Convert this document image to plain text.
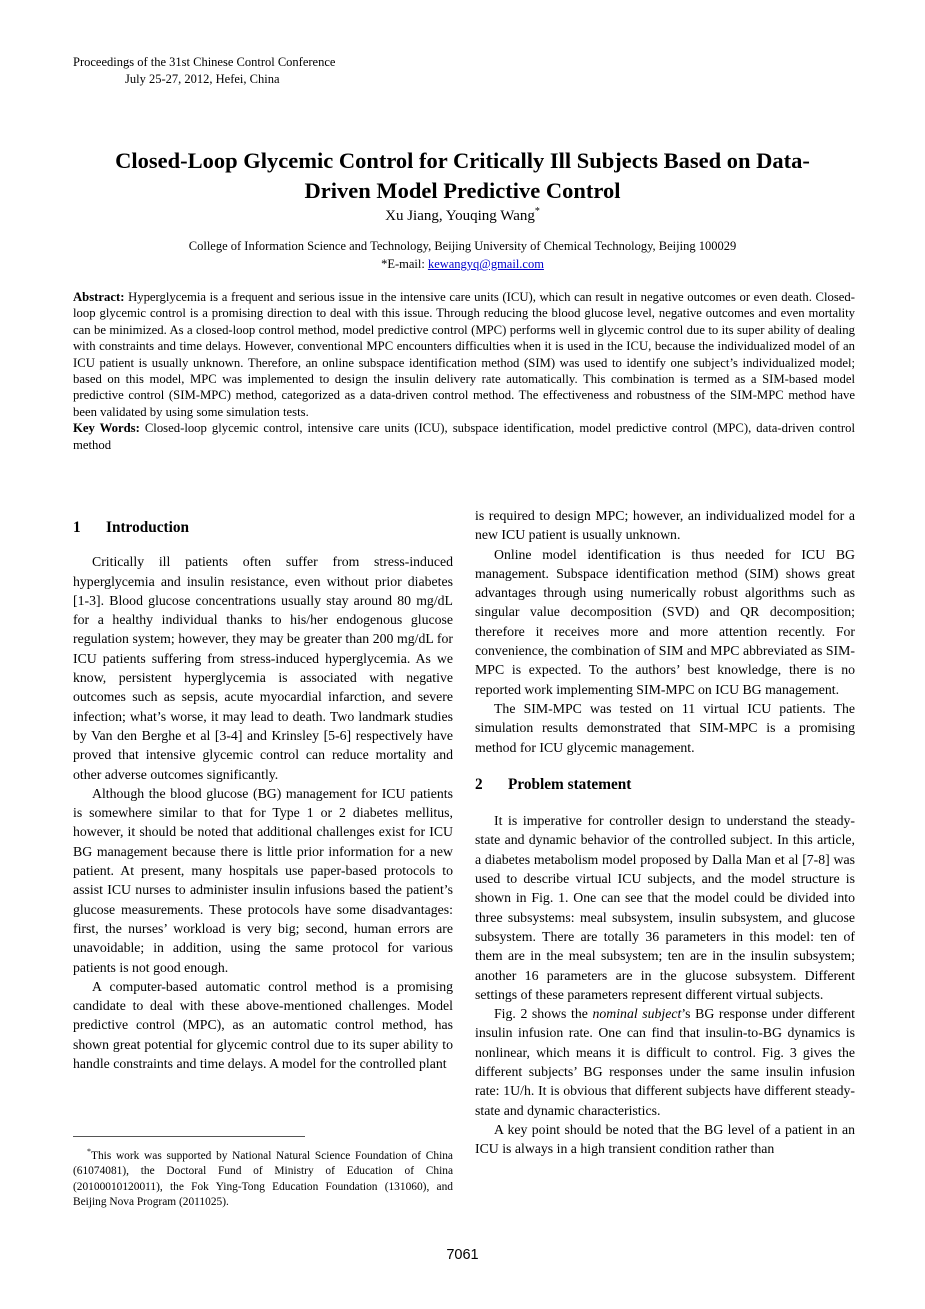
Proceedings of the 31st Chinese Control Conference
July 25-27, 2012, Hefei, China
Closed-Loop Glycemic Control for Critically Ill Subjects Based on Data-Driven Model Predictive Control
Xu Jiang, Youqing Wang*
College of Information Science and Technology, Beijing University of Chemical Technology, Beijing 100029
*E-mail: kewangyq@gmail.com

Abstract: Hyperglycemia is a frequent and serious issue in the intensive care units (ICU), which can result in negative outcomes or even death. Closed-loop glycemic control is a promising direction to deal with this issue. Through reducing the blood glucose level, negative outcomes and even mortality can be minimized. As a closed-loop control method, model predictive control (MPC) performs well in glycemic control due to its super ability of dealing with constraints and time delays. However, conventional MPC encounters difficulties when it is used in the ICU, because the individualized model of an ICU patient is usually unknown. Therefore, an online subspace identification method (SIM) was used to identify one subject’s individualized model; based on this model, MPC was implemented to design the insulin delivery rate automatically. This combination is termed as a SIM-based model predictive control (SIM-MPC) method, categorized as a data-driven control method. The effectiveness and robustness of the SIM-MPC method have been validated by using some simulation tests.

Key Words: Closed-loop glycemic control, intensive care units (ICU), subspace identification, model predictive control (MPC), data-driven control method

1 Introduction

Critically ill patients often suffer from stress-induced hyperglycemia and insulin resistance, even without prior diabetes [1-3]. Blood glucose concentrations usually stay around 80 mg/dL for a healthy individual thanks to his/her endogenous glucose regulation system; however, they may be greater than 200 mg/dL for ICU patients suffering from stress-induced hyperglycemia. As we know, persistent hyperglycemia is associated with negative outcomes such as sepsis, acute myocardial infarction, and severe infection; what’s worse, it may lead to death. Two landmark studies by Van den Berghe et al [3-4] and Krinsley [5-6] respectively have proved that intensive glycemic control can reduce mortality and other adverse outcomes significantly.

Although the blood glucose (BG) management for ICU patients is somewhere similar to that for Type 1 or 2 diabetes mellitus, however, it should be noted that additional challenges exist for ICU BG management because there is little prior information for a new patient. At present, many hospitals use paper-based protocols to assist ICU nurses to administer insulin infusions based the patient’s glucose measurements. These protocols have some disadvantages: first, the nurses’ workload is very big; second, human errors are unavoidable; in addition, using the same protocol for various patients is not good enough.

A computer-based automatic control method is a promising candidate to deal with these above-mentioned challenges. Model predictive control (MPC), as an automatic control method, has shown great potential for glycemic control due to its super ability to handle constraints and time delays. A model for the controlled plant

is required to design MPC; however, an individualized model for a new ICU patient is usually unknown.

Online model identification is thus needed for ICU BG management. Subspace identification method (SIM) shows great advantages through using numerically robust algorithms such as singular value decomposition (SVD) and QR decomposition; therefore it receives more and more attention recently. For convenience, the combination of SIM and MPC abbreviated as SIM-MPC is expected. To the authors’ best knowledge, there is no reported work implementing SIM-MPC on ICU BG management.

The SIM-MPC was tested on 11 virtual ICU patients. The simulation results demonstrated that SIM-MPC is a promising method for ICU glycemic management.

2 Problem statement

It is imperative for controller design to understand the steady-state and dynamic behavior of the controlled subject. In this article, a diabetes metabolism model proposed by Dalla Man et al [7-8] was used to describe virtual ICU subjects, and the model structure is shown in Fig. 1. One can see that the model could be divided into three subsystems: meal subsystem, insulin subsystem, and glucose subsystem. There are totally 36 parameters in this model: ten of them are in the meal subsystem; ten are in the insulin subsystem; another 16 parameters are in the glucose subsystem. Different settings of these parameters represent different virtual subjects.

Fig. 2 shows the nominal subject’s BG response under different insulin infusion rate. One can find that insulin-to-BG dynamics is nonlinear, which means it is difficult to control. Fig. 3 gives the different subjects’ BG responses under the same insulin infusion rate: 1U/h. It is obvious that different subjects have different steady-state and dynamic characteristics.

A key point should be noted that the BG level of a patient in an ICU is always in a high transient condition rather than

*This work was supported by National Natural Science Foundation of China (61074081), the Doctoral Fund of Ministry of Education of China (20100010120011), the Fok Ying-Tong Education Foundation (131060), and Beijing Nova Program (2011025).

7061
